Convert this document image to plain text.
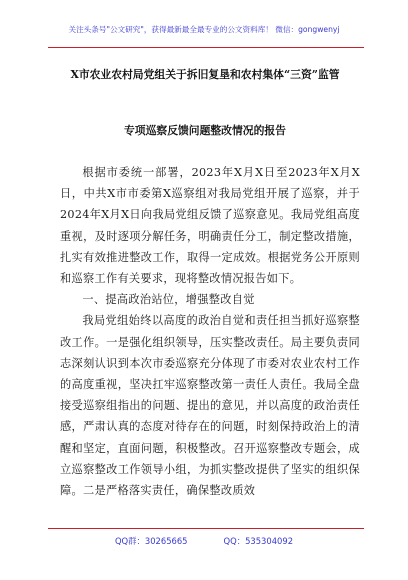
关注头条号"公文研究"，获得最新最全最专业的公文资料库！ 微信：gongwenyj
X市农业农村局党组关于拆旧复垦和农村集体“三资”监管
专项巡察反馈问题整改情况的报告

根据市委统一部署，2023年X月X日至2023年X月X日，中共X市市委第X巡察组对我局党组开展了巡察，并于2024年X月X日向我局党组反馈了巡察意见。我局党组高度重视，及时逐项分解任务，明确责任分工，制定整改措施，扎实有效推进整改工作，取得一定成效。根据党务公开原则和巡察工作有关要求，现将整改情况报告如下。

一、提高政治站位，增强整改自觉

我局党组始终以高度的政治自觉和责任担当抓好巡察整改工作。一是强化组织领导，压实整改责任。局主要负责同志深刻认识到本次市委巡察充分体现了市委对农业农村工作的高度重视，坚决扛牢巡察整改第一责任人责任。我局全盘接受巡察组指出的问题、提出的意见，并以高度的政治责任感，严肃认真的态度对待存在的问题，时刻保持政治上的清醒和坚定，直面问题，积极整改。召开巡察整改专题会，成立巡察整改工作领导小组，为抓实整改提供了坚实的组织保障。二是严格落实责任，确保整改质效

QQ群：30265665	QQ：535304092
